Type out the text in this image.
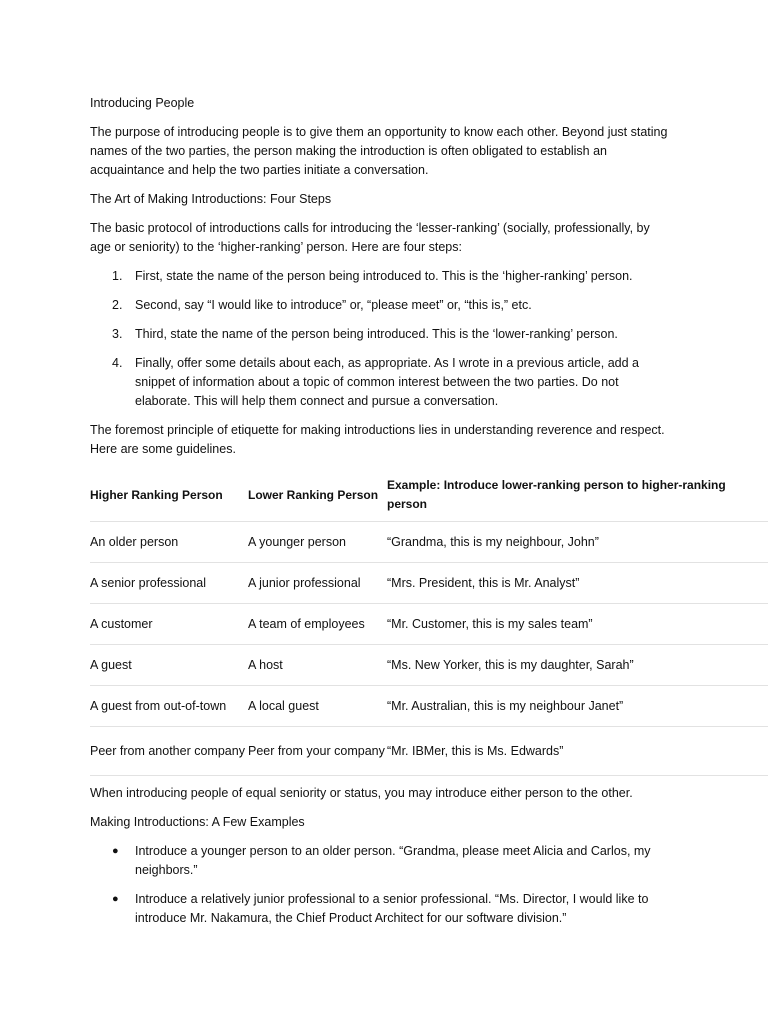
Introducing People

The purpose of introducing people is to give them an opportunity to know each other. Beyond just stating names of the two parties, the person making the introduction is often obligated to establish an acquaintance and help the two parties initiate a conversation.

The Art of Making Introductions: Four Steps

The basic protocol of introductions calls for introducing the ‘lesser-ranking’ (socially, professionally, by age or seniority) to the ‘higher-ranking’ person. Here are four steps:

1. First, state the name of the person being introduced to. This is the ‘higher-ranking’ person.
2. Second, say “I would like to introduce” or, “please meet” or, “this is,” etc.
3. Third, state the name of the person being introduced. This is the ‘lower-ranking’ person.
4. Finally, offer some details about each, as appropriate. As I wrote in a previous article, add a snippet of information about a topic of common interest between the two parties. Do not elaborate. This will help them connect and pursue a conversation.

The foremost principle of etiquette for making introductions lies in understanding reverence and respect. Here are some guidelines.

Higher Ranking Person	Lower Ranking Person	Example: Introduce lower-ranking person to higher-ranking person
An older person	A younger person	“Grandma, this is my neighbour, John”
A senior professional	A junior professional	“Mrs. President, this is Mr. Analyst”
A customer	A team of employees	“Mr. Customer, this is my sales team”
A guest	A host	“Ms. New Yorker, this is my daughter, Sarah”
A guest from out-of-town	A local guest	“Mr. Australian, this is my neighbour Janet”
Peer from another company	Peer from your company	“Mr. IBMer, this is Ms. Edwards”

When introducing people of equal seniority or status, you may introduce either person to the other.

Making Introductions: A Few Examples

● Introduce a younger person to an older person. “Grandma, please meet Alicia and Carlos, my neighbors.”
● Introduce a relatively junior professional to a senior professional. “Ms. Director, I would like to introduce Mr. Nakamura, the Chief Product Architect for our software division.”
